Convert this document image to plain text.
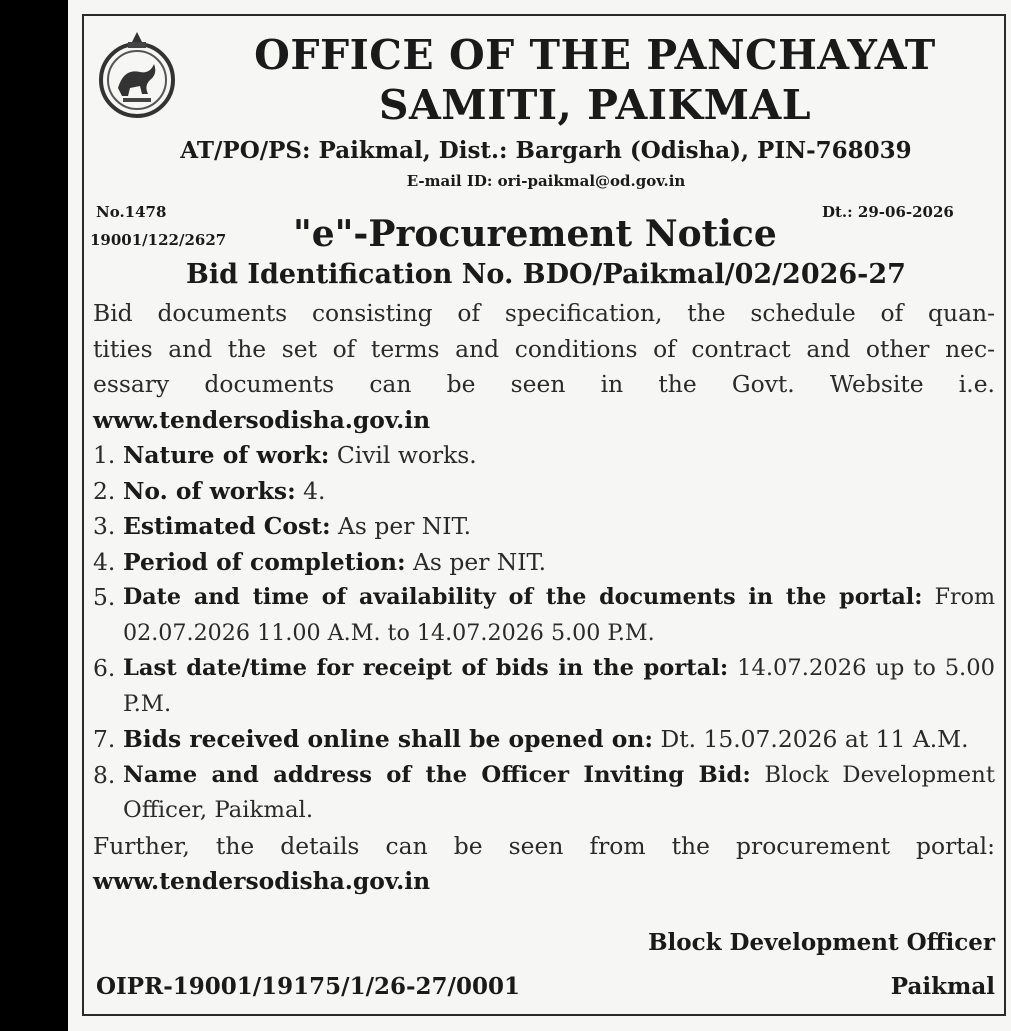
OFFICE OF THE PANCHAYAT
SAMITI, PAIKMAL
AT/PO/PS: Paikmal, Dist.: Bargarh (Odisha), PIN-768039
E-mail ID: ori-paikmal@od.gov.in
No.1478
19001/122/2627
Dt.: 29-06-2026
"e"-Procurement Notice
Bid Identification No. BDO/Paikmal/02/2026-27

Bid documents consisting of specification, the schedule of quan-

tities and the set of terms and conditions of contract and other nec-

essary documents can be seen in the Govt. Website i.e.

www.tendersodisha.gov.in

1. Nature of work: Civil works.
2. No. of works: 4.
3. Estimated Cost: As per NIT.
4. Period of completion: As per NIT.
5. Date and time of availability of the documents in the portal: From 02.07.2026 11.00 A.M. to 14.07.2026 5.00 P.M.
6. Last date/time for receipt of bids in the portal: 14.07.2026 up to 5.00 P.M.
7. Bids received online shall be opened on: Dt. 15.07.2026 at 11 A.M.
8. Name and address of the Officer Inviting Bid: Block Development Officer, Paikmal.

Further, the details can be seen from the procurement portal:

www.tendersodisha.gov.in

Block Development Officer
OIPR-19001/19175/1/26-27/0001	Paikmal
